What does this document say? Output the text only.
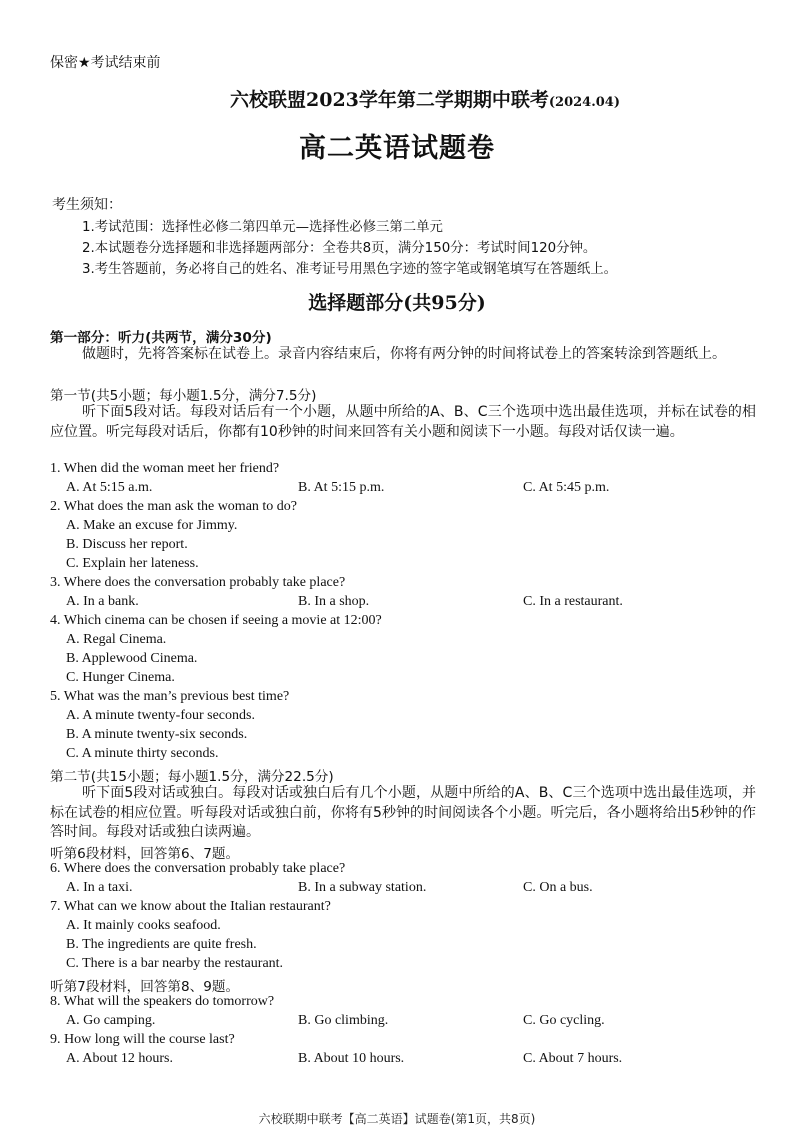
保密★考试结束前
六校联盟2023学年第二学期期中联考(2024.04)
高二英语试题卷
考生须知：
1.考试范围：选择性必修二第四单元—选择性必修三第二单元
2.本试题卷分选择题和非选择题两部分：全卷共8页，满分150分：考试时间120分钟。
3.考生答题前，务必将自己的姓名、准考证号用黑色字迹的签字笔或钢笔填写在答题纸上。
选择题部分(共95分)
第一部分：听力(共两节，满分30分)
做题时，先将答案标在试卷上。录音内容结束后，你将有两分钟的时间将试卷上的答案转涂到答题纸上。
第一节(共5小题；每小题1.5分，满分7.5分)
听下面5段对话。每段对话后有一个小题，从题中所给的A、B、C三个选项中选出最佳选项，并标在试卷的相应位置。听完每段对话后，你都有10秒钟的时间来回答有关小题和阅读下一小题。每段对话仅读一遍。
1. When did the woman meet her friend?
A. At 5:15 a.m.	B. At 5:15 p.m.	C. At 5:45 p.m.
2. What does the man ask the woman to do?
A. Make an excuse for Jimmy.
B. Discuss her report.
C. Explain her lateness.
3. Where does the conversation probably take place?
A. In a bank.	B. In a shop.	C. In a restaurant.
4. Which cinema can be chosen if seeing a movie at 12:00?
A. Regal Cinema.
B. Applewood Cinema.
C. Hunger Cinema.
5. What was the man’s previous best time?
A. A minute twenty-four seconds.
B. A minute twenty-six seconds.
C. A minute thirty seconds.
第二节(共15小题；每小题1.5分，满分22.5分)
听下面5段对话或独白。每段对话或独白后有几个小题，从题中所给的A、B、C三个选项中选出最佳选项，并标在试卷的相应位置。听每段对话或独白前，你将有5秒钟的时间阅读各个小题。听完后，各小题将给出5秒钟的作答时间。每段对话或独白读两遍。
听第6段材料，回答第6、7题。
6. Where does the conversation probably take place?
A. In a taxi.	B. In a subway station.	C. On a bus.
7. What can we know about the Italian restaurant?
A. It mainly cooks seafood.
B. The ingredients are quite fresh.
C. There is a bar nearby the restaurant.
听第7段材料，回答第8、9题。
8. What will the speakers do tomorrow?
A. Go camping.	B. Go climbing.	C. Go cycling.
9. How long will the course last?
A. About 12 hours.	B. About 10 hours.	C. About 7 hours.
六校联期中联考【高二英语】试题卷(第1页，共8页)
